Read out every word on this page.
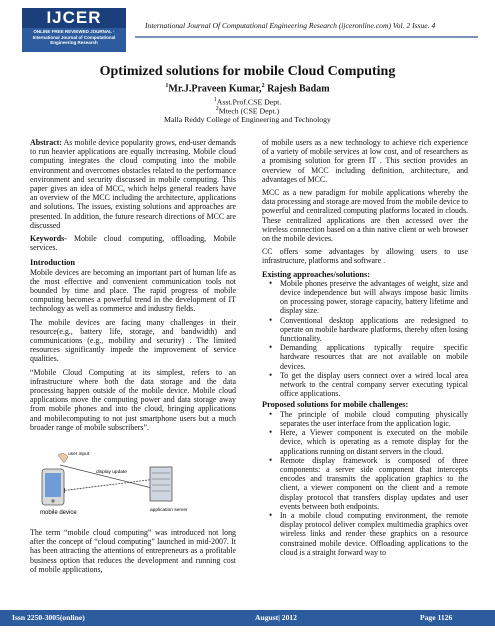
IJCER
ONLINE FREE REVIEWED JOURNAL · International Journal of Computational Engineering Research
International Journal Of Computational Engineering Research (ijceronline.com) Vol. 2 Issue. 4
Optimized solutions for mobile Cloud Computing
$^1$Mr.J.Praveen Kumar,$^2$ Rajesh Badam
$^1$Asst.Prof.CSE Dept.
$^2$Mtech (CSE Dept.)
Malla Reddy College of Engineering and Technology

Abstract: As mobile device popularity grows, end-user demands to run heavier applications are equally increasing. Mobile cloud computing integrates the cloud computing into the mobile environment and overcomes obstacles related to the performance environment and security discussed in mobile computing. This paper gives an idea of MCC, which helps general readers have an overview of the MCC including the architecture, applications and solutions. The issues, existing solutions and approaches are presented. In addition, the future research directions of MCC are discussed

Keywords- Mobile cloud computing, offloading, Mobile services.

Introduction

Mobile devices are becoming an important part of human life as the most effective and convenient communication tools not bounded by time and place. The rapid progress of mobile computing becomes a powerful trend in the development of IT technology as well as commerce and industry fields.

The mobile devices are facing many challenges in their resource(e.g., battery life, storage, and bandwidth) and communications (e.g., mobility and security) . The limited resources significantly impede the improvement of service qualities.

“Mobile Cloud Computing at its simplest, refers to an infrastructure where both the data storage and the data processing happen outside of the mobile device. Mobile cloud applications move the computing power and data storage away from mobile phones and into the cloud, bringing applications and mobilecomputing to not just smartphone users but a much broader range of mobile subscribers”.

user input
display update
mobile device	application server

The term “mobile cloud computing” was introduced not long after the concept of “cloud computing” launched in mid-2007. It has been attracting the attentions of entrepreneurs as a profitable business option that reduces the development and running cost of mobile applications,

of mobile users as a new technology to achieve rich experience of a variety of mobile services at low cost, and of researchers as a promising solution for green IT . This section provides an overview of MCC including definition, architecture, and advantages of MCC.

MCC as a new paradigm for mobile applications whereby the data processing and storage are moved from the mobile device to powerful and centralized computing platforms located in clouds. These centralized applications are then accessed over the wireless connection based on a thin native client or web browser on the mobile devices.

CC offers some advantages by allowing users to use infrastructure, platforms and software .

Existing approaches/solutions:
• Mobile phones preserve the advantages of weight, size and device independence but will always impose basic limits on processing power, storage capacity, battery lifetime and display size.
• Conventional desktop applications are redesigned to operate on mobile hardware platforms, thereby often losing functionality.
• Demanding applications typically require specific hardware resources that are not available on mobile devices.
• To get the display users connect over a wired local area network to the central company server executing typical office applications.
Proposed solutions for mobile challenges:
• The principle of mobile cloud computing physically separates the user interface from the application logic.
• Here, a Viewer component is executed on the mobile device, which is operating as a remote display for the applications running on distant servers in the cloud.
• Remote display framework is composed of three components: a server side component that intercepts encodes and transmits the application graphics to the client, a viewer component on the client and a remote display protocol that transfers display updates and user events between both endpoints.
• In a mobile cloud computing environment, the remote display protocol deliver complex multimedia graphics over wireless links and render these graphics on a resource constrained mobile device. Offloading applications to the cloud is a straight forward way to
Issn 2250-3005(online)	August| 2012	Page 1126
